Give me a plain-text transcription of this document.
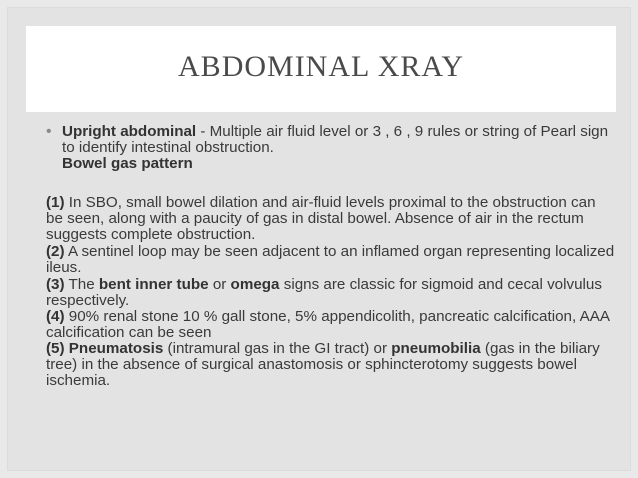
ABDOMINAL XRAY
• Upright abdominal - Multiple air fluid level or 3 , 6 , 9 rules or string of Pearl sign to identify intestinal obstruction.

Bowel gas pattern

(1) In SBO, small bowel dilation and air-fluid levels proximal to the obstruction can be seen, along with a paucity of gas in distal bowel. Absence of air in the rectum suggests complete obstruction.

(2) A sentinel loop may be seen adjacent to an inflamed organ representing localized ileus.

(3) The bent inner tube or omega signs are classic for sigmoid and cecal volvulus respectively.

(4) 90% renal stone 10 % gall stone, 5% appendicolith, pancreatic calcification, AAA calcification can be seen

(5) Pneumatosis (intramural gas in the GI tract) or pneumobilia (gas in the biliary tree) in the absence of surgical anastomosis or sphincterotomy suggests bowel ischemia.
